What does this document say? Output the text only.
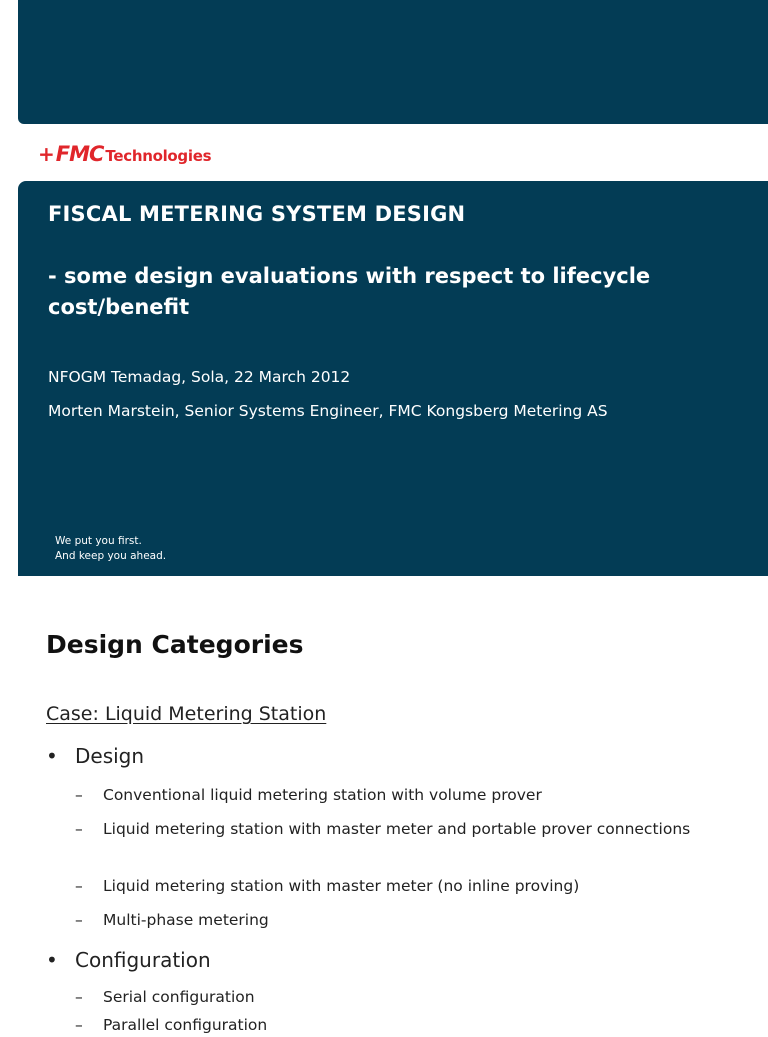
+ FMC Technologies
FISCAL METERING SYSTEM DESIGN
- some design evaluations with respect to lifecycle cost/benefit
NFOGM Temadag, Sola, 22 March 2012
Morten Marstein, Senior Systems Engineer, FMC Kongsberg Metering AS
We put you first.
And keep you ahead.
Design Categories
Case: Liquid Metering Station
• Design
–	Conventional liquid metering station with volume prover
–	Liquid metering station with master meter and portable prover connections
–	Liquid metering station with master meter (no inline proving)
–	Multi-phase metering
• Configuration
–	Serial configuration
–	Parallel configuration
